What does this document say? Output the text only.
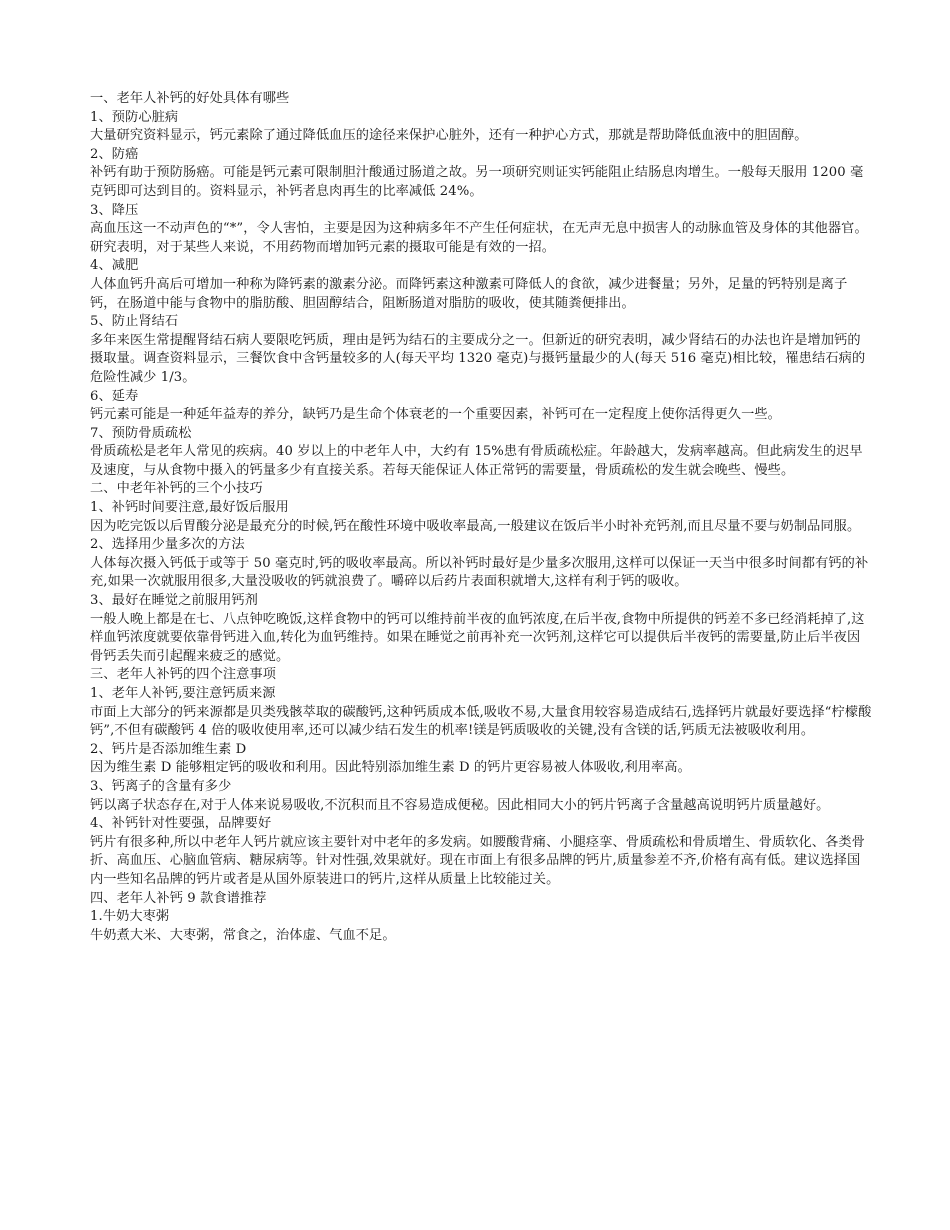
一、老年人补钙的好处具体有哪些
1、预防心脏病
大量研究资料显示，钙元素除了通过降低血压的途径来保护心脏外，还有一种护心方式，那就是帮助降低血液中的胆固醇。
2、防癌
补钙有助于预防肠癌。可能是钙元素可限制胆汁酸通过肠道之故。另一项研究则证实钙能阻止结肠息肉增生。一般每天服用 1200 毫克钙即可达到目的。资料显示，补钙者息肉再生的比率减低 24%。
3、降压
高血压这一不动声色的“*”，令人害怕，主要是因为这种病多年不产生任何症状，在无声无息中损害人的动脉血管及身体的其他器官。研究表明，对于某些人来说，不用药物而增加钙元素的摄取可能是有效的一招。
4、减肥
人体血钙升高后可增加一种称为降钙素的激素分泌。而降钙素这种激素可降低人的食欲，减少进餐量；另外，足量的钙特别是离子钙，在肠道中能与食物中的脂肪酸、胆固醇结合，阻断肠道对脂肪的吸收，使其随粪便排出。
5、防止肾结石
多年来医生常提醒肾结石病人要限吃钙质，理由是钙为结石的主要成分之一。但新近的研究表明，减少肾结石的办法也许是增加钙的摄取量。调查资料显示，三餐饮食中含钙量较多的人(每天平均 1320 毫克)与摄钙量最少的人(每天 516 毫克)相比较，罹患结石病的危险性减少 1/3。
6、延寿
钙元素可能是一种延年益寿的养分，缺钙乃是生命个体衰老的一个重要因素，补钙可在一定程度上使你活得更久一些。
7、预防骨质疏松
骨质疏松是老年人常见的疾病。40 岁以上的中老年人中，大约有 15%患有骨质疏松症。年龄越大，发病率越高。但此病发生的迟早及速度，与从食物中摄入的钙量多少有直接关系。若每天能保证人体正常钙的需要量，骨质疏松的发生就会晚些、慢些。
二、中老年补钙的三个小技巧
1、补钙时间要注意,最好饭后服用
因为吃完饭以后胃酸分泌是最充分的时候,钙在酸性环境中吸收率最高,一般建议在饭后半小时补充钙剂,而且尽量不要与奶制品同服。
2、选择用少量多次的方法
人体每次摄入钙低于或等于 50 毫克时,钙的吸收率最高。所以补钙时最好是少量多次服用,这样可以保证一天当中很多时间都有钙的补充,如果一次就服用很多,大量没吸收的钙就浪费了。嚼碎以后药片表面积就增大,这样有利于钙的吸收。
3、最好在睡觉之前服用钙剂
一般人晚上都是在七、八点钟吃晚饭,这样食物中的钙可以维持前半夜的血钙浓度,在后半夜,食物中所提供的钙差不多已经消耗掉了,这样血钙浓度就要依靠骨钙进入血,转化为血钙维持。如果在睡觉之前再补充一次钙剂,这样它可以提供后半夜钙的需要量,防止后半夜因骨钙丢失而引起醒来疲乏的感觉。
三、老年人补钙的四个注意事项
1、老年人补钙,要注意钙质来源
市面上大部分的钙来源都是贝类残骸萃取的碳酸钙,这种钙质成本低,吸收不易,大量食用较容易造成结石,选择钙片就最好要选择“柠檬酸钙”,不但有碳酸钙 4 倍的吸收使用率,还可以减少结石发生的机率!镁是钙质吸收的关键,没有含镁的话,钙质无法被吸收利用。
2、钙片是否添加维生素 D
因为维生素 D 能够粗定钙的吸收和利用。因此特别添加维生素 D 的钙片更容易被人体吸收,利用率高。
3、钙离子的含量有多少
钙以离子状态存在,对于人体来说易吸收,不沉积而且不容易造成便秘。因此相同大小的钙片钙离子含量越高说明钙片质量越好。
4、补钙针对性要强，品牌要好
钙片有很多种,所以中老年人钙片就应该主要针对中老年的多发病。如腰酸背痛、小腿痉挛、骨质疏松和骨质增生、骨质软化、各类骨折、高血压、心脑血管病、糖尿病等。针对性强,效果就好。现在市面上有很多品牌的钙片,质量参差不齐,价格有高有低。建议选择国内一些知名品牌的钙片或者是从国外原装进口的钙片,这样从质量上比较能过关。
四、老年人补钙 9 款食谱推荐
1.牛奶大枣粥
牛奶煮大米、大枣粥，常食之，治体虚、气血不足。
